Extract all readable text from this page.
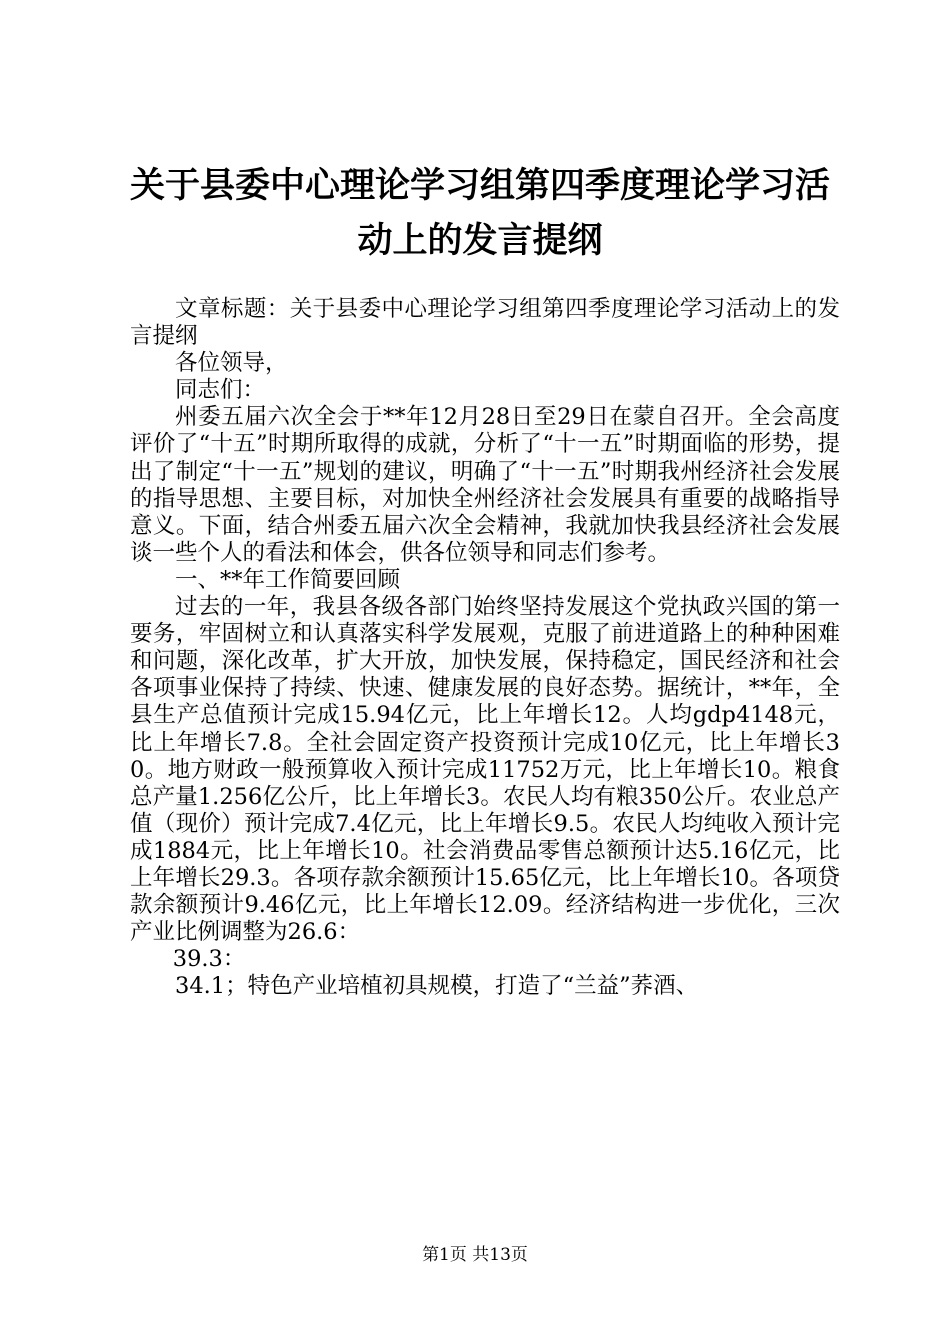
关于县委中心理论学习组第四季度理论学习活
动上的发言提纲

文章标题：关于县委中心理论学习组第四季度理论学习活动上的发言提纲

各位领导，

同志们：

州委五届六次全会于**年12月28日至29日在蒙自召开。全会高度评价了“十五”时期所取得的成就，分析了“十一五”时期面临的形势，提出了制定“十一五”规划的建议，明确了“十一五”时期我州经济社会发展的指导思想、主要目标，对加快全州经济社会发展具有重要的战略指导意义。下面，结合州委五届六次全会精神，我就加快我县经济社会发展谈一些个人的看法和体会，供各位领导和同志们参考。

一、**年工作简要回顾

过去的一年，我县各级各部门始终坚持发展这个党执政兴国的第一要务，牢固树立和认真落实科学发展观，克服了前进道路上的种种困难和问题，深化改革，扩大开放，加快发展，保持稳定，国民经济和社会各项事业保持了持续、快速、健康发展的良好态势。据统计，**年，全县生产总值预计完成15.94亿元，比上年增长12。人均gdp4148元，比上年增长7.8。全社会固定资产投资预计完成10亿元，比上年增长30。地方财政一般预算收入预计完成11752万元，比上年增长10。粮食总产量1.256亿公斤，比上年增长3。农民人均有粮350公斤。农业总产值（现价）预计完成7.4亿元，比上年增长9.5。农民人均纯收入预计完成1884元，比上年增长10。社会消费品零售总额预计达5.16亿元，比上年增长29.3。各项存款余额预计15.65亿元，比上年增长10。各项贷款余额预计9.46亿元，比上年增长12.09。经济结构进一步优化，三次产业比例调整为26.6：

39.3：

34.1；特色产业培植初具规模，打造了“兰益”荞酒、

第1页 共13页
